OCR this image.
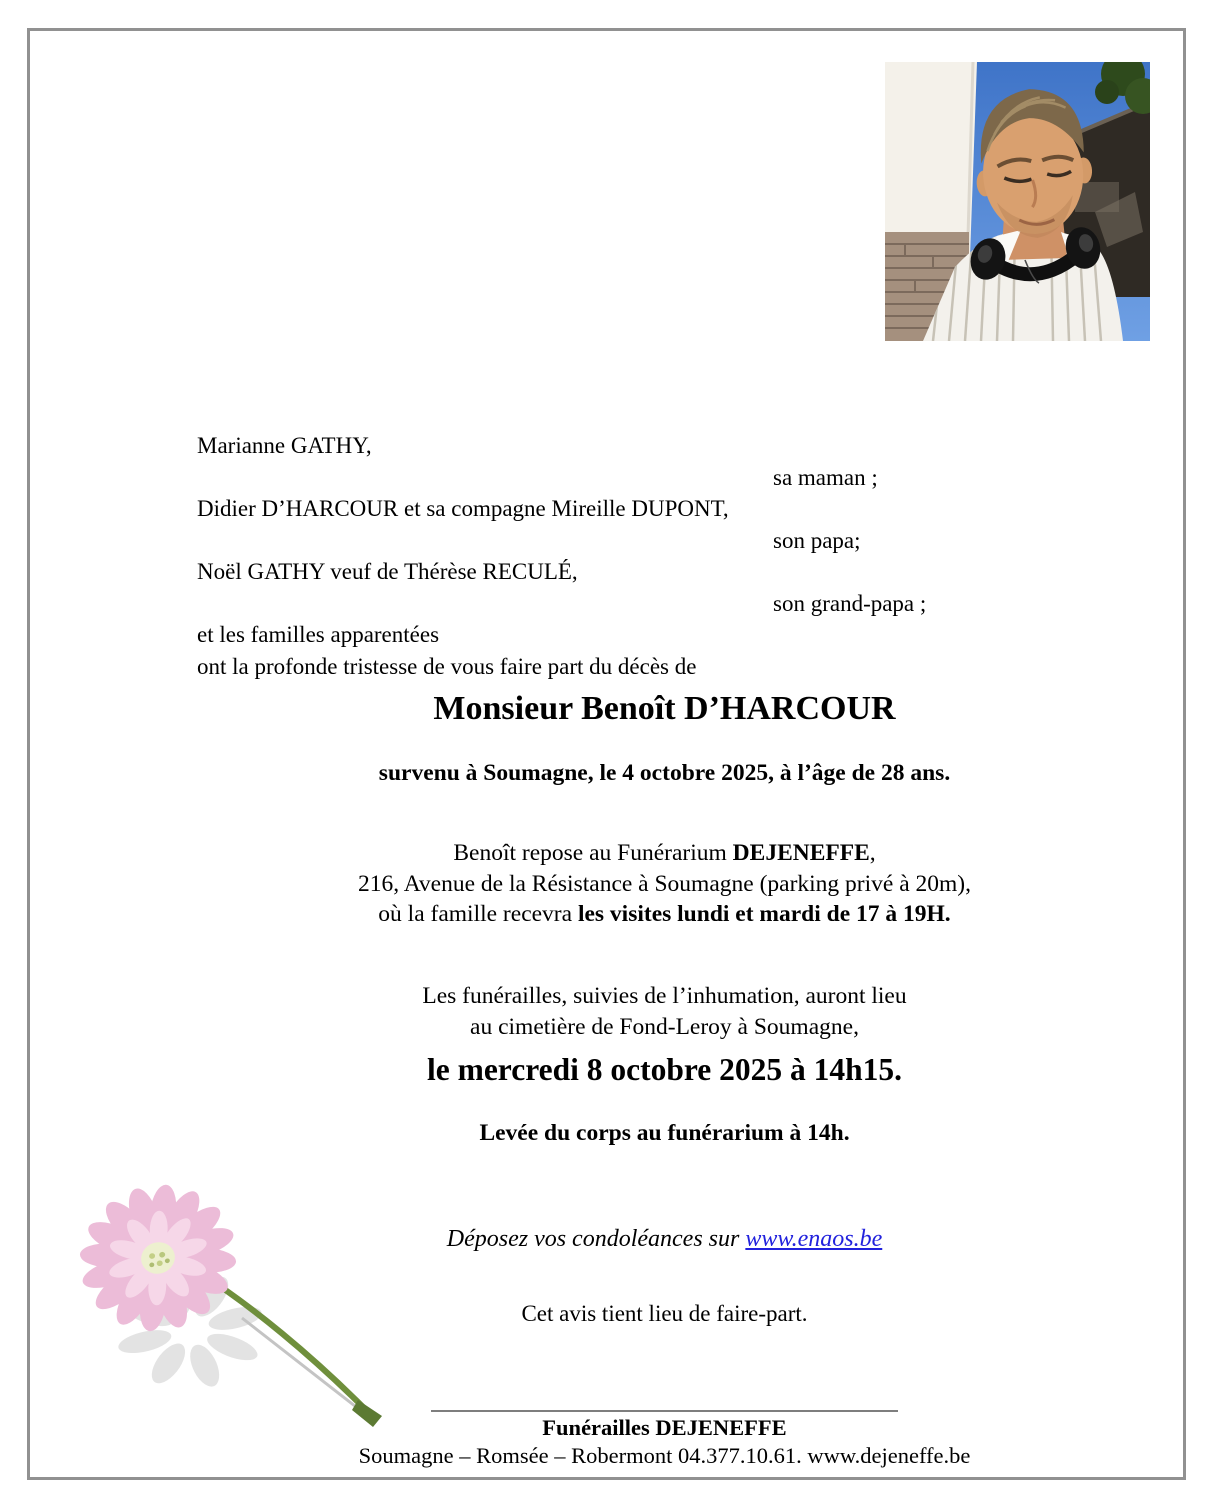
Marianne GATHY,
sa maman ;
Didier D’HARCOUR et sa compagne Mireille DUPONT,
son papa;
Noël GATHY veuf de Thérèse RECULÉ,
son grand-papa ;
et les familles apparentées
ont la profonde tristesse de vous faire part du décès de
Monsieur Benoît D’HARCOUR
survenu à Soumagne, le 4 octobre 2025, à l’âge de 28 ans.
Benoît repose au Funérarium DEJENEFFE,
216, Avenue de la Résistance à Soumagne (parking privé à 20m),
où la famille recevra les visites lundi et mardi de 17 à 19H.
Les funérailles, suivies de l’inhumation, auront lieu
au cimetière de Fond-Leroy à Soumagne,
le mercredi 8 octobre 2025 à 14h15.
Levée du corps au funérarium à 14h.
Déposez vos condoléances sur www.enaos.be
Cet avis tient lieu de faire-part.
Funérailles DEJENEFFE
Soumagne – Romsée – Robermont 04.377.10.61. www.dejeneffe.be
